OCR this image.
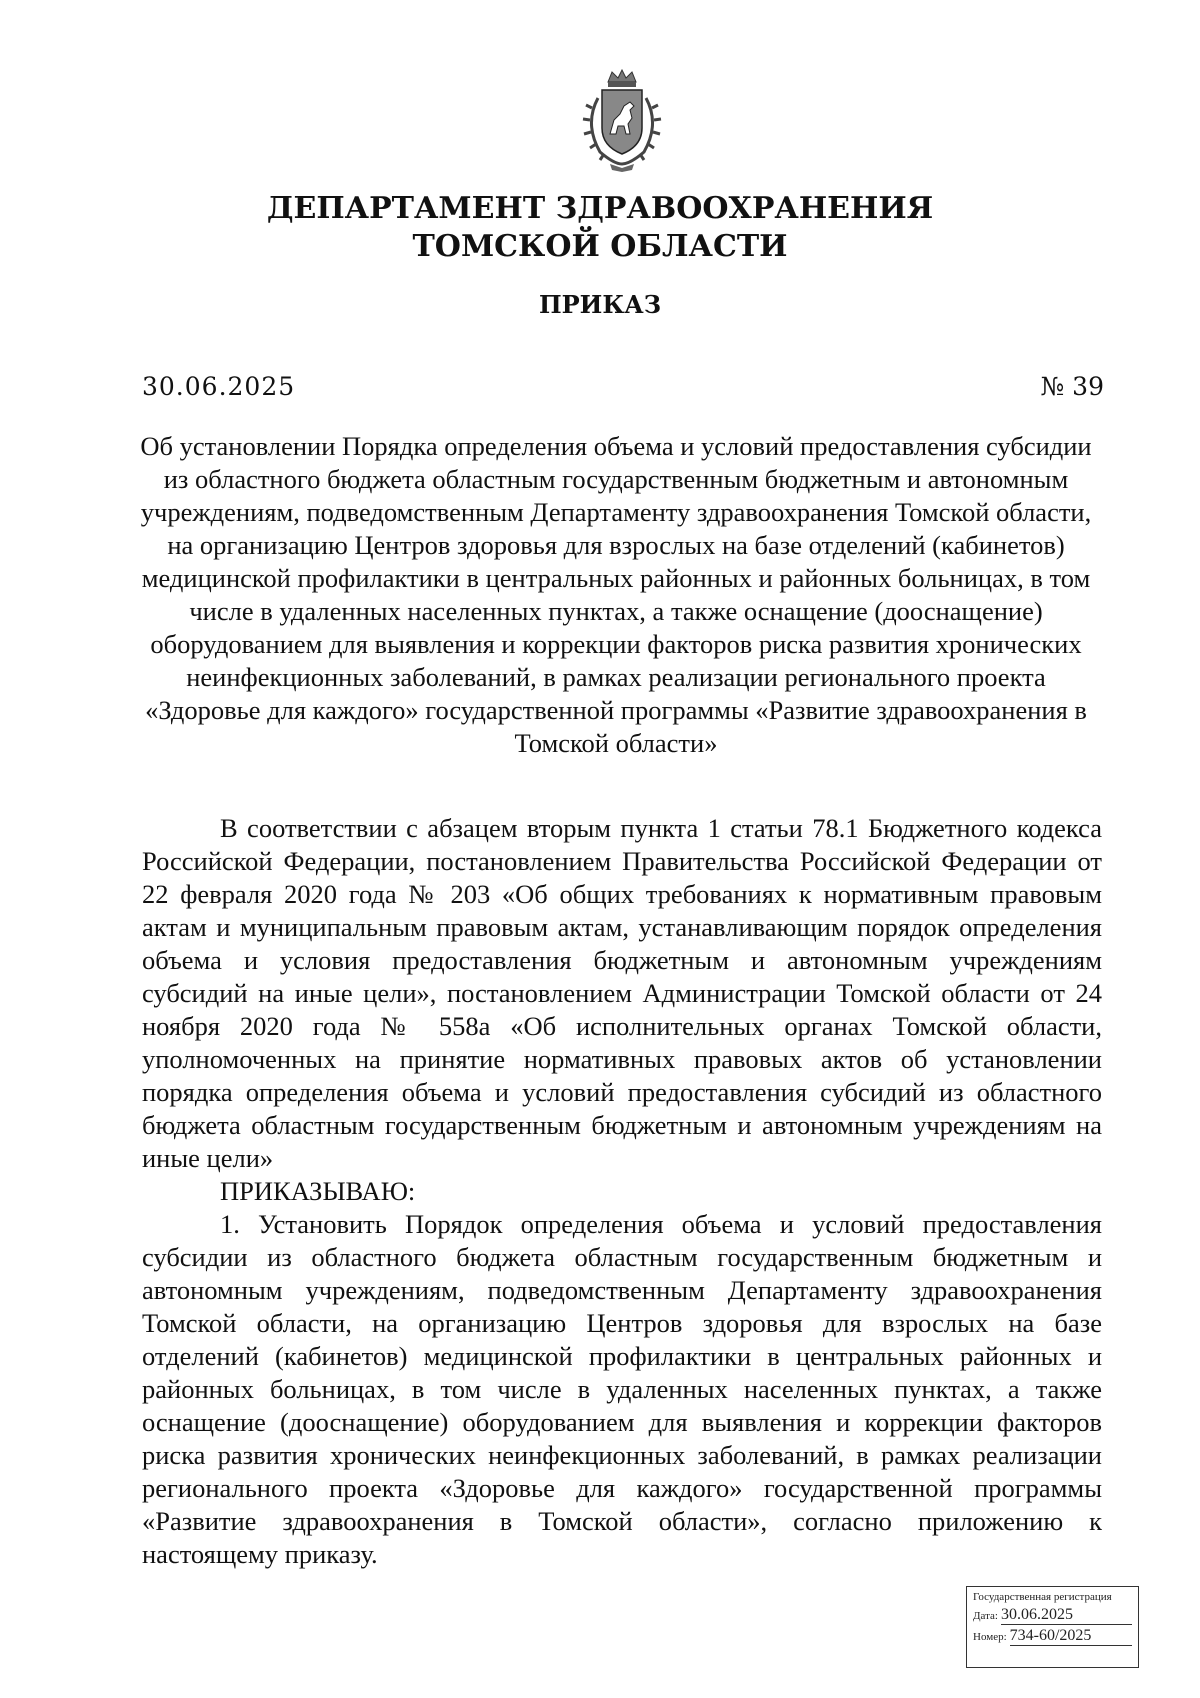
ДЕПАРТАМЕНТ ЗДРАВООХРАНЕНИЯ
ТОМСКОЙ ОБЛАСТИ
ПРИКАЗ
30.06.2025	№ 39

Об установлении Порядка определения объема и условий предоставления субсидии из областного бюджета областным государственным бюджетным и автономным учреждениям, подведомственным Департаменту здравоохранения Томской области, на организацию Центров здоровья для взрослых на базе отделений (кабинетов) медицинской профилактики в центральных районных и районных больницах, в том числе в удаленных населенных пунктах, а также оснащение (дооснащение) оборудованием для выявления и коррекции факторов риска развития хронических неинфекционных заболеваний, в рамках реализации регионального проекта «Здоровье для каждого» государственной программы «Развитие здравоохранения в Томской области»

В соответствии с абзацем вторым пункта 1 статьи 78.1 Бюджетного кодекса Российской Федерации, постановлением Правительства Российской Федерации от 22 февраля 2020 года № 203 «Об общих требованиях к нормативным правовым актам и муниципальным правовым актам, устанавливающим порядок определения объема и условия предоставления бюджетным и автономным учреждениям субсидий на иные цели», постановлением Администрации Томской области от 24 ноября 2020 года № 558а «Об исполнительных органах Томской области, уполномоченных на принятие нормативных правовых актов об установлении порядка определения объема и условий предоставления субсидий из областного бюджета областным государственным бюджетным и автономным учреждениям на иные цели»

ПРИКАЗЫВАЮ:

1. Установить Порядок определения объема и условий предоставления субсидии из областного бюджета областным государственным бюджетным и автономным учреждениям, подведомственным Департаменту здравоохранения Томской области, на организацию Центров здоровья для взрослых на базе отделений (кабинетов) медицинской профилактики в центральных районных и районных больницах, в том числе в удаленных населенных пунктах, а также оснащение (дооснащение) оборудованием для выявления и коррекции факторов риска развития хронических неинфекционных заболеваний, в рамках реализации регионального проекта «Здоровье для каждого» государственной программы «Развитие здравоохранения в Томской области», согласно приложению к настоящему приказу.

Государственная регистрация
Дата: 30.06.2025
Номер: 734-60/2025
